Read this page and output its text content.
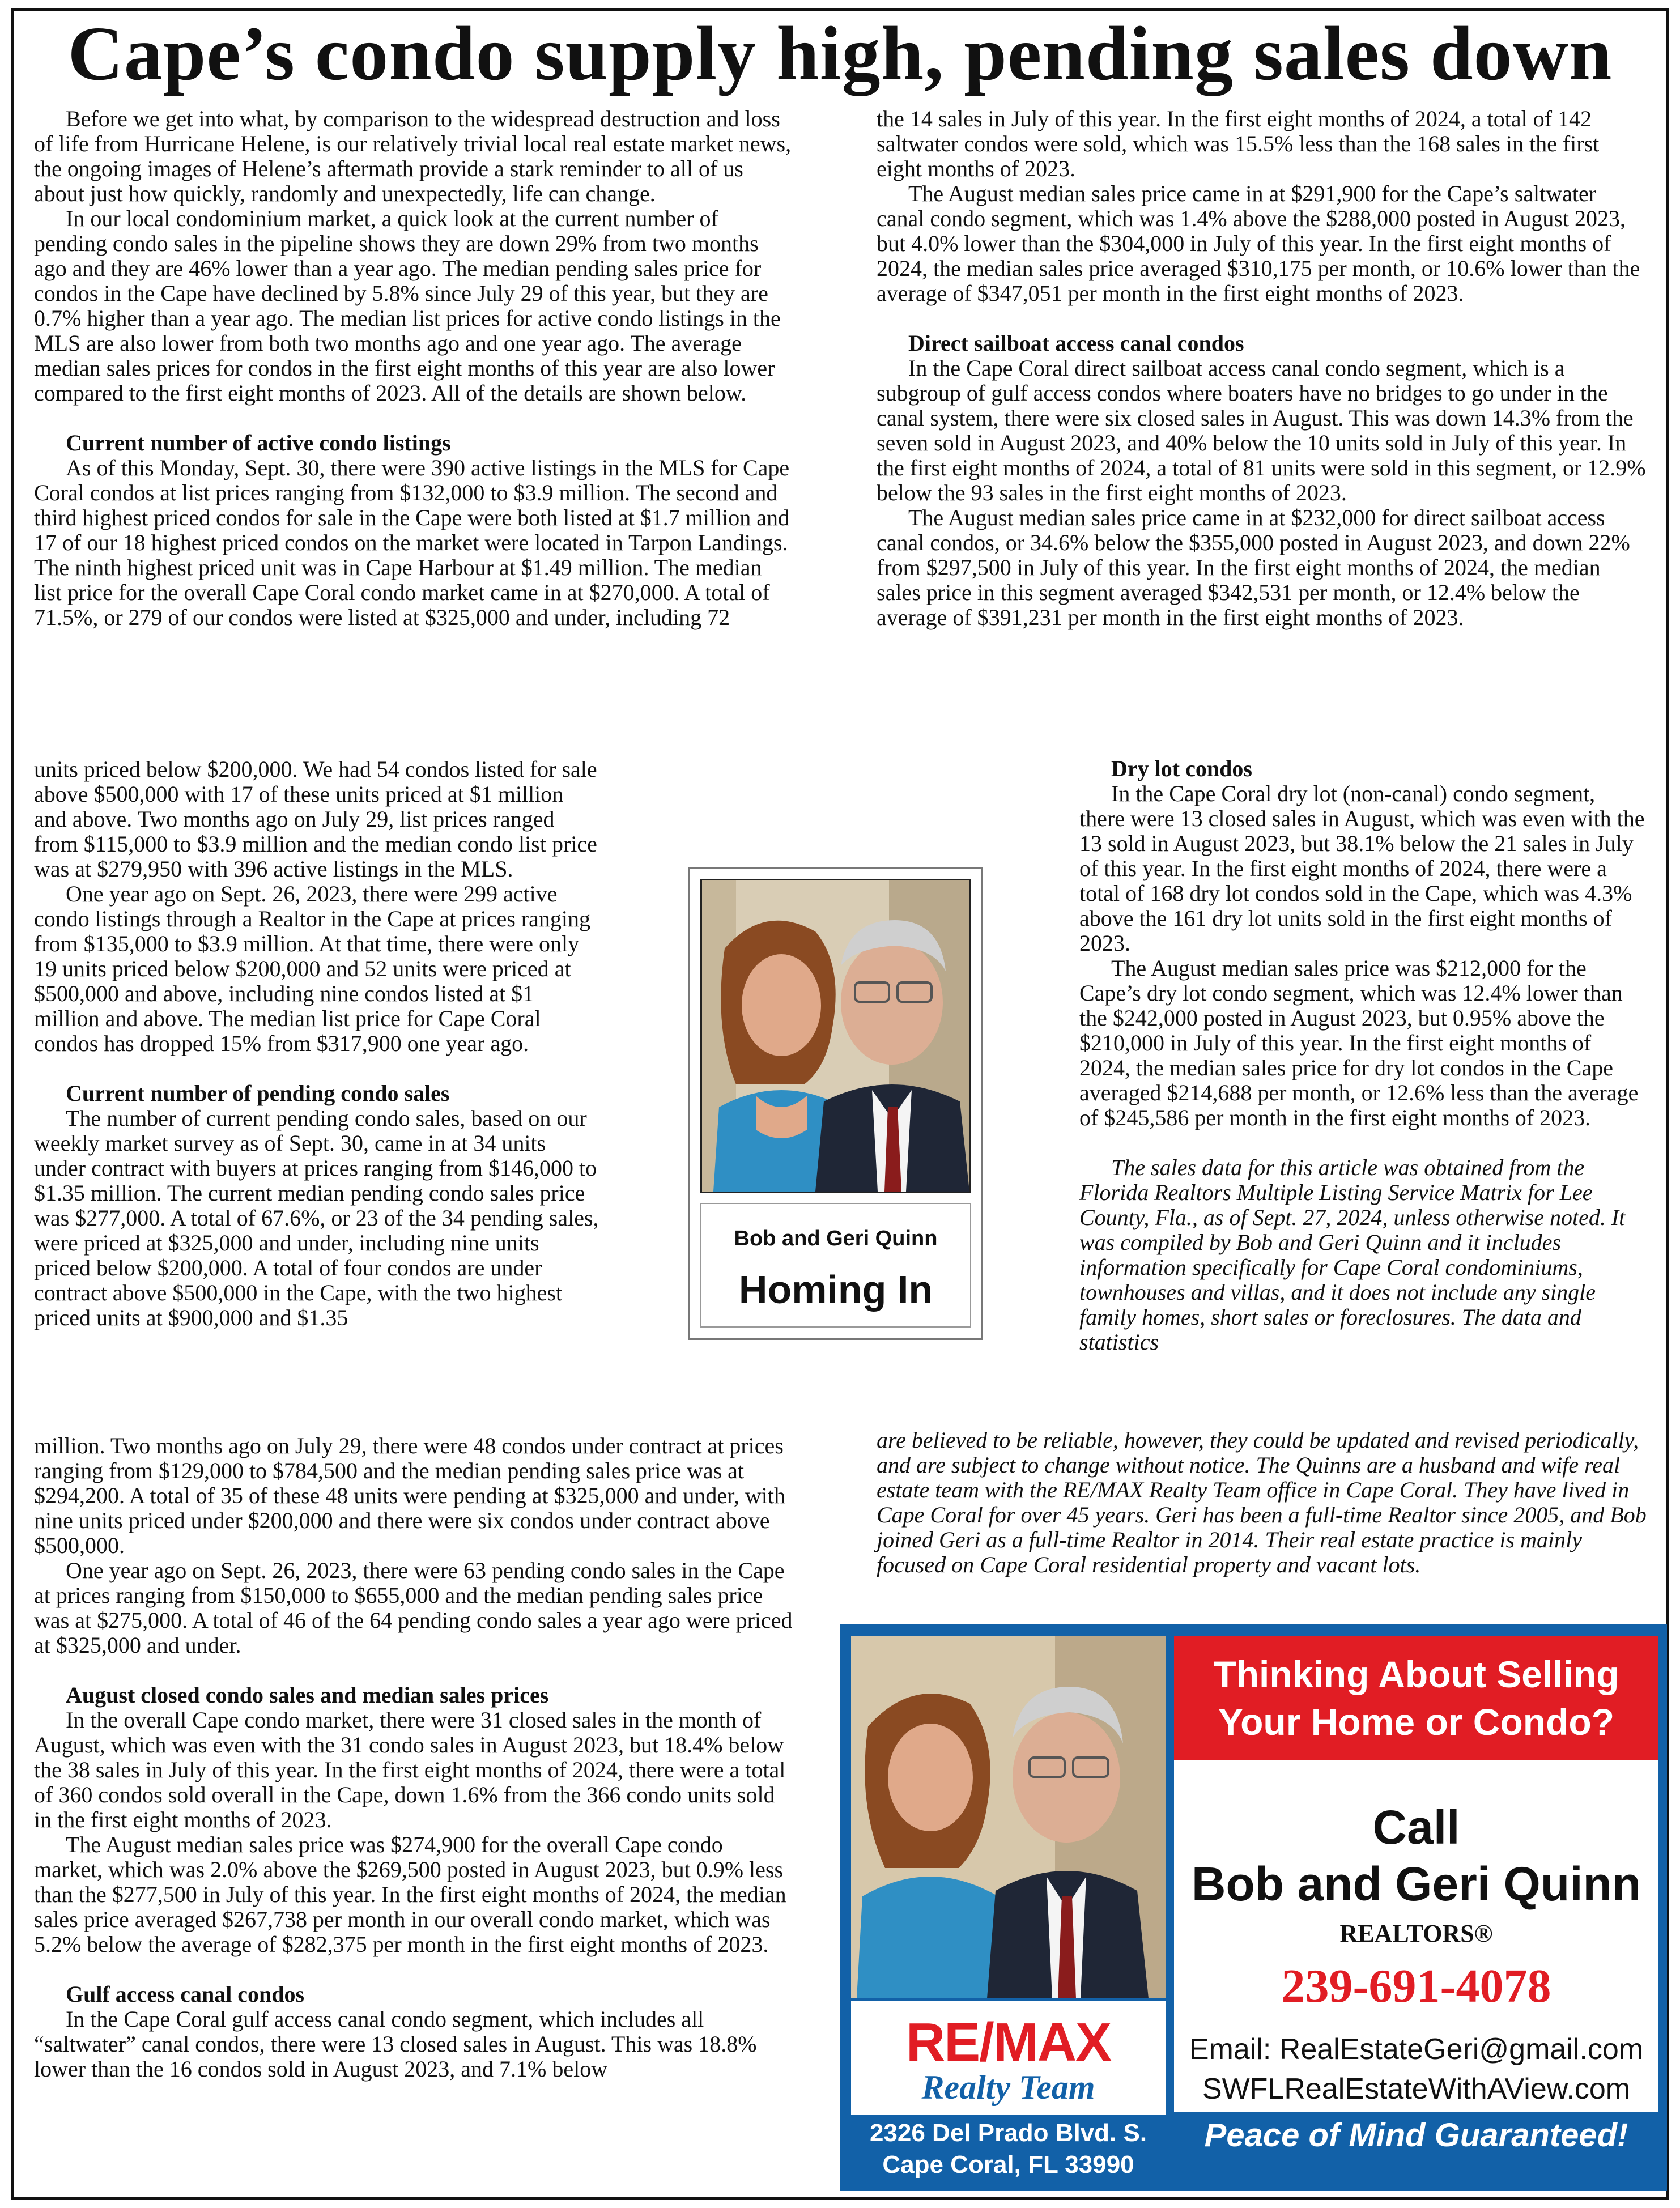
Cape’s condo supply high, pending sales down

Before we get into what, by comparison to the widespread destruction and loss of life from Hurricane Helene, is our relatively trivial local real estate market news, the ongoing images of Helene’s aftermath provide a stark reminder to all of us about just how quickly, randomly and unexpectedly, life can change.

In our local condominium market, a quick look at the current number of pending condo sales in the pipeline shows they are down 29% from two months ago and they are 46% lower than a year ago. The median pending sales price for condos in the Cape have declined by 5.8% since July 29 of this year, but they are 0.7% higher than a year ago. The median list prices for active condo listings in the MLS are also lower from both two months ago and one year ago. The average median sales prices for condos in the first eight months of this year are also lower compared to the first eight months of 2023. All of the details are shown below.

Current number of active condo listings

As of this Monday, Sept. 30, there were 390 active listings in the MLS for Cape Coral condos at list prices ranging from $132,000 to $3.9 million. The second and third highest priced condos for sale in the Cape were both listed at $1.7 million and 17 of our 18 highest priced condos on the market were located in Tarpon Landings. The ninth highest priced unit was in Cape Harbour at $1.49 million. The median list price for the overall Cape Coral condo market came in at $270,000. A total of 71.5%, or 279 of our condos were listed at $325,000 and under, including 72

units priced below $200,000. We had 54 condos listed for sale above $500,000 with 17 of these units priced at $1 million and above. Two months ago on July 29, list prices ranged from $115,000 to $3.9 million and the median condo list price was at $279,950 with 396 active listings in the MLS.

One year ago on Sept. 26, 2023, there were 299 active condo listings through a Realtor in the Cape at prices ranging from $135,000 to $3.9 million. At that time, there were only 19 units priced below $200,000 and 52 units were priced at $500,000 and above, including nine condos listed at $1 million and above. The median list price for Cape Coral condos has dropped 15% from $317,900 one year ago.

Current number of pending condo sales

The number of current pending condo sales, based on our weekly market survey as of Sept. 30, came in at 34 units under contract with buyers at prices ranging from $146,000 to $1.35 million. The current median pending condo sales price was $277,000. A total of 67.6%, or 23 of the 34 pending sales, were priced at $325,000 and under, including nine units priced below $200,000. A total of four condos are under contract above $500,000 in the Cape, with the two highest priced units at $900,000 and $1.35

million. Two months ago on July 29, there were 48 condos under contract at prices ranging from $129,000 to $784,500 and the median pending sales price was at $294,200. A total of 35 of these 48 units were pending at $325,000 and under, with nine units priced under $200,000 and there were six condos under contract above $500,000.

One year ago on Sept. 26, 2023, there were 63 pending condo sales in the Cape at prices ranging from $150,000 to $655,000 and the median pending sales price was at $275,000. A total of 46 of the 64 pending condo sales a year ago were priced at $325,000 and under.

August closed condo sales and median sales prices

In the overall Cape condo market, there were 31 closed sales in the month of August, which was even with the 31 condo sales in August 2023, but 18.4% below the 38 sales in July of this year. In the first eight months of 2024, there were a total of 360 condos sold overall in the Cape, down 1.6% from the 366 condo units sold in the first eight months of 2023.

The August median sales price was $274,900 for the overall Cape condo market, which was 2.0% above the $269,500 posted in August 2023, but 0.9% less than the $277,500 in July of this year. In the first eight months of 2024, the median sales price averaged $267,738 per month in our overall condo market, which was 5.2% below the average of $282,375 per month in the first eight months of 2023.

Gulf access canal condos

In the Cape Coral gulf access canal condo segment, which includes all “saltwater” canal condos, there were 13 closed sales in August. This was 18.8% lower than the 16 condos sold in August 2023, and 7.1% below

the 14 sales in July of this year. In the first eight months of 2024, a total of 142 saltwater condos were sold, which was 15.5% less than the 168 sales in the first eight months of 2023.

The August median sales price came in at $291,900 for the Cape’s saltwater canal condo segment, which was 1.4% above the $288,000 posted in August 2023, but 4.0% lower than the $304,000 in July of this year. In the first eight months of 2024, the median sales price averaged $310,175 per month, or 10.6% lower than the average of $347,051 per month in the first eight months of 2023.

Direct sailboat access canal condos

In the Cape Coral direct sailboat access canal condo segment, which is a subgroup of gulf access condos where boaters have no bridges to go under in the canal system, there were six closed sales in August. This was down 14.3% from the seven sold in August 2023, and 40% below the 10 units sold in July of this year. In the first eight months of 2024, a total of 81 units were sold in this segment, or 12.9% below the 93 sales in the first eight months of 2023.

The August median sales price came in at $232,000 for direct sailboat access canal condos, or 34.6% below the $355,000 posted in August 2023, and down 22% from $297,500 in July of this year. In the first eight months of 2024, the median sales price in this segment averaged $342,531 per month, or 12.4% below the average of $391,231 per month in the first eight months of 2023.

Dry lot condos

In the Cape Coral dry lot (non-canal) condo segment, there were 13 closed sales in August, which was even with the 13 sold in August 2023, but 38.1% below the 21 sales in July of this year. In the first eight months of 2024, there were a total of 168 dry lot condos sold in the Cape, which was 4.3% above the 161 dry lot units sold in the first eight months of 2023.

The August median sales price was $212,000 for the Cape’s dry lot condo segment, which was 12.4% lower than the $242,000 posted in August 2023, but 0.95% above the $210,000 in July of this year. In the first eight months of 2024, the median sales price for dry lot condos in the Cape averaged $214,688 per month, or 12.6% less than the average of $245,586 per month in the first eight months of 2023.

The sales data for this article was obtained from the Florida Realtors Multiple Listing Service Matrix for Lee County, Fla., as of Sept. 27, 2024, unless otherwise noted. It was compiled by Bob and Geri Quinn and it includes information specifically for Cape Coral condominiums, townhouses and villas, and it does not include any single family homes, short sales or foreclosures. The data and statistics

are believed to be reliable, however, they could be updated and revised periodically, and are subject to change without notice. The Quinns are a husband and wife real estate team with the RE/MAX Realty Team office in Cape Coral. They have lived in Cape Coral for over 45 years. Geri has been a full-time Realtor since 2005, and Bob joined Geri as a full-time Realtor in 2014. Their real estate practice is mainly focused on Cape Coral residential property and vacant lots.

Bob and Geri Quinn
Homing In
RE/MAX
Realty Team
2326 Del Prado Blvd. S.
Cape Coral, FL 33990
Thinking About Selling Your Home or Condo?
Call
Bob and Geri Quinn
REALTORS®
239-691-4078
Email: RealEstateGeri@gmail.com
SWFLRealEstateWithAView.com
Peace of Mind Guaranteed!
